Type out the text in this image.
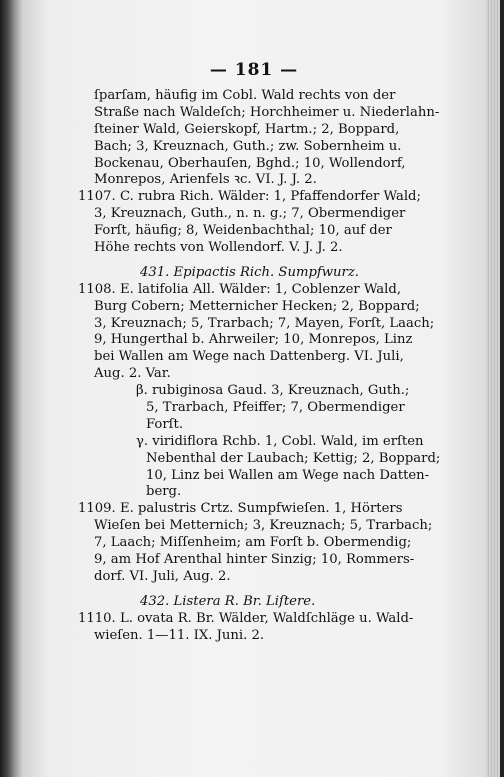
— 181 —
ſparſam, häufig im Cobl. Wald rechts von der
Straße nach Waldeſch; Horchheimer u. Niederlahn-
ſteiner Wald, Geierskopf, Hartm.; 2, Boppard,
Bach; 3, Kreuznach, Guth.; zw. Sobernheim u.
Bockenau, Oberhauſen, Bghd.; 10, Wollendorf,
Monrepos, Arienfels ꝛc. VI. J. J. 2.
1107. C. rubra Rich. Wälder: 1, Pfaffendorfer Wald;
3, Kreuznach, Guth., n. n. g.; 7, Obermendiger
Forſt, häufig; 8, Weidenbachthal; 10, auf der
Höhe rechts von Wollendorf. V. J. J. 2.
431. Epipactis Rich. Sumpfwurz.
1108. E. latifolia All. Wälder: 1, Coblenzer Wald,
Burg Cobern; Metternicher Hecken; 2, Boppard;
3, Kreuznach; 5, Trarbach; 7, Mayen, Forſt, Laach;
9, Hungerthal b. Ahrweiler; 10, Monrepos, Linz
bei Wallen am Wege nach Dattenberg. VI. Juli,
Aug. 2. Var.
β. rubiginosa Gaud. 3, Kreuznach, Guth.;
5, Trarbach, Pfeiffer; 7, Obermendiger
Forſt.
γ. viridiflora Rchb. 1, Cobl. Wald, im erſten
Nebenthal der Laubach; Kettig; 2, Boppard;
10, Linz bei Wallen am Wege nach Datten-
berg.
1109. E. palustris Crtz. Sumpfwieſen. 1, Hörters
Wieſen bei Metternich; 3, Kreuznach; 5, Trarbach;
7, Laach; Miſſenheim; am Forſt b. Obermendig;
9, am Hof Arenthal hinter Sinzig; 10, Rommers-
dorf. VI. Juli, Aug. 2.
432. Listera R. Br. Liſtere.
1110. L. ovata R. Br. Wälder, Waldſchläge u. Wald-
wieſen. 1—11. IX. Juni. 2.
